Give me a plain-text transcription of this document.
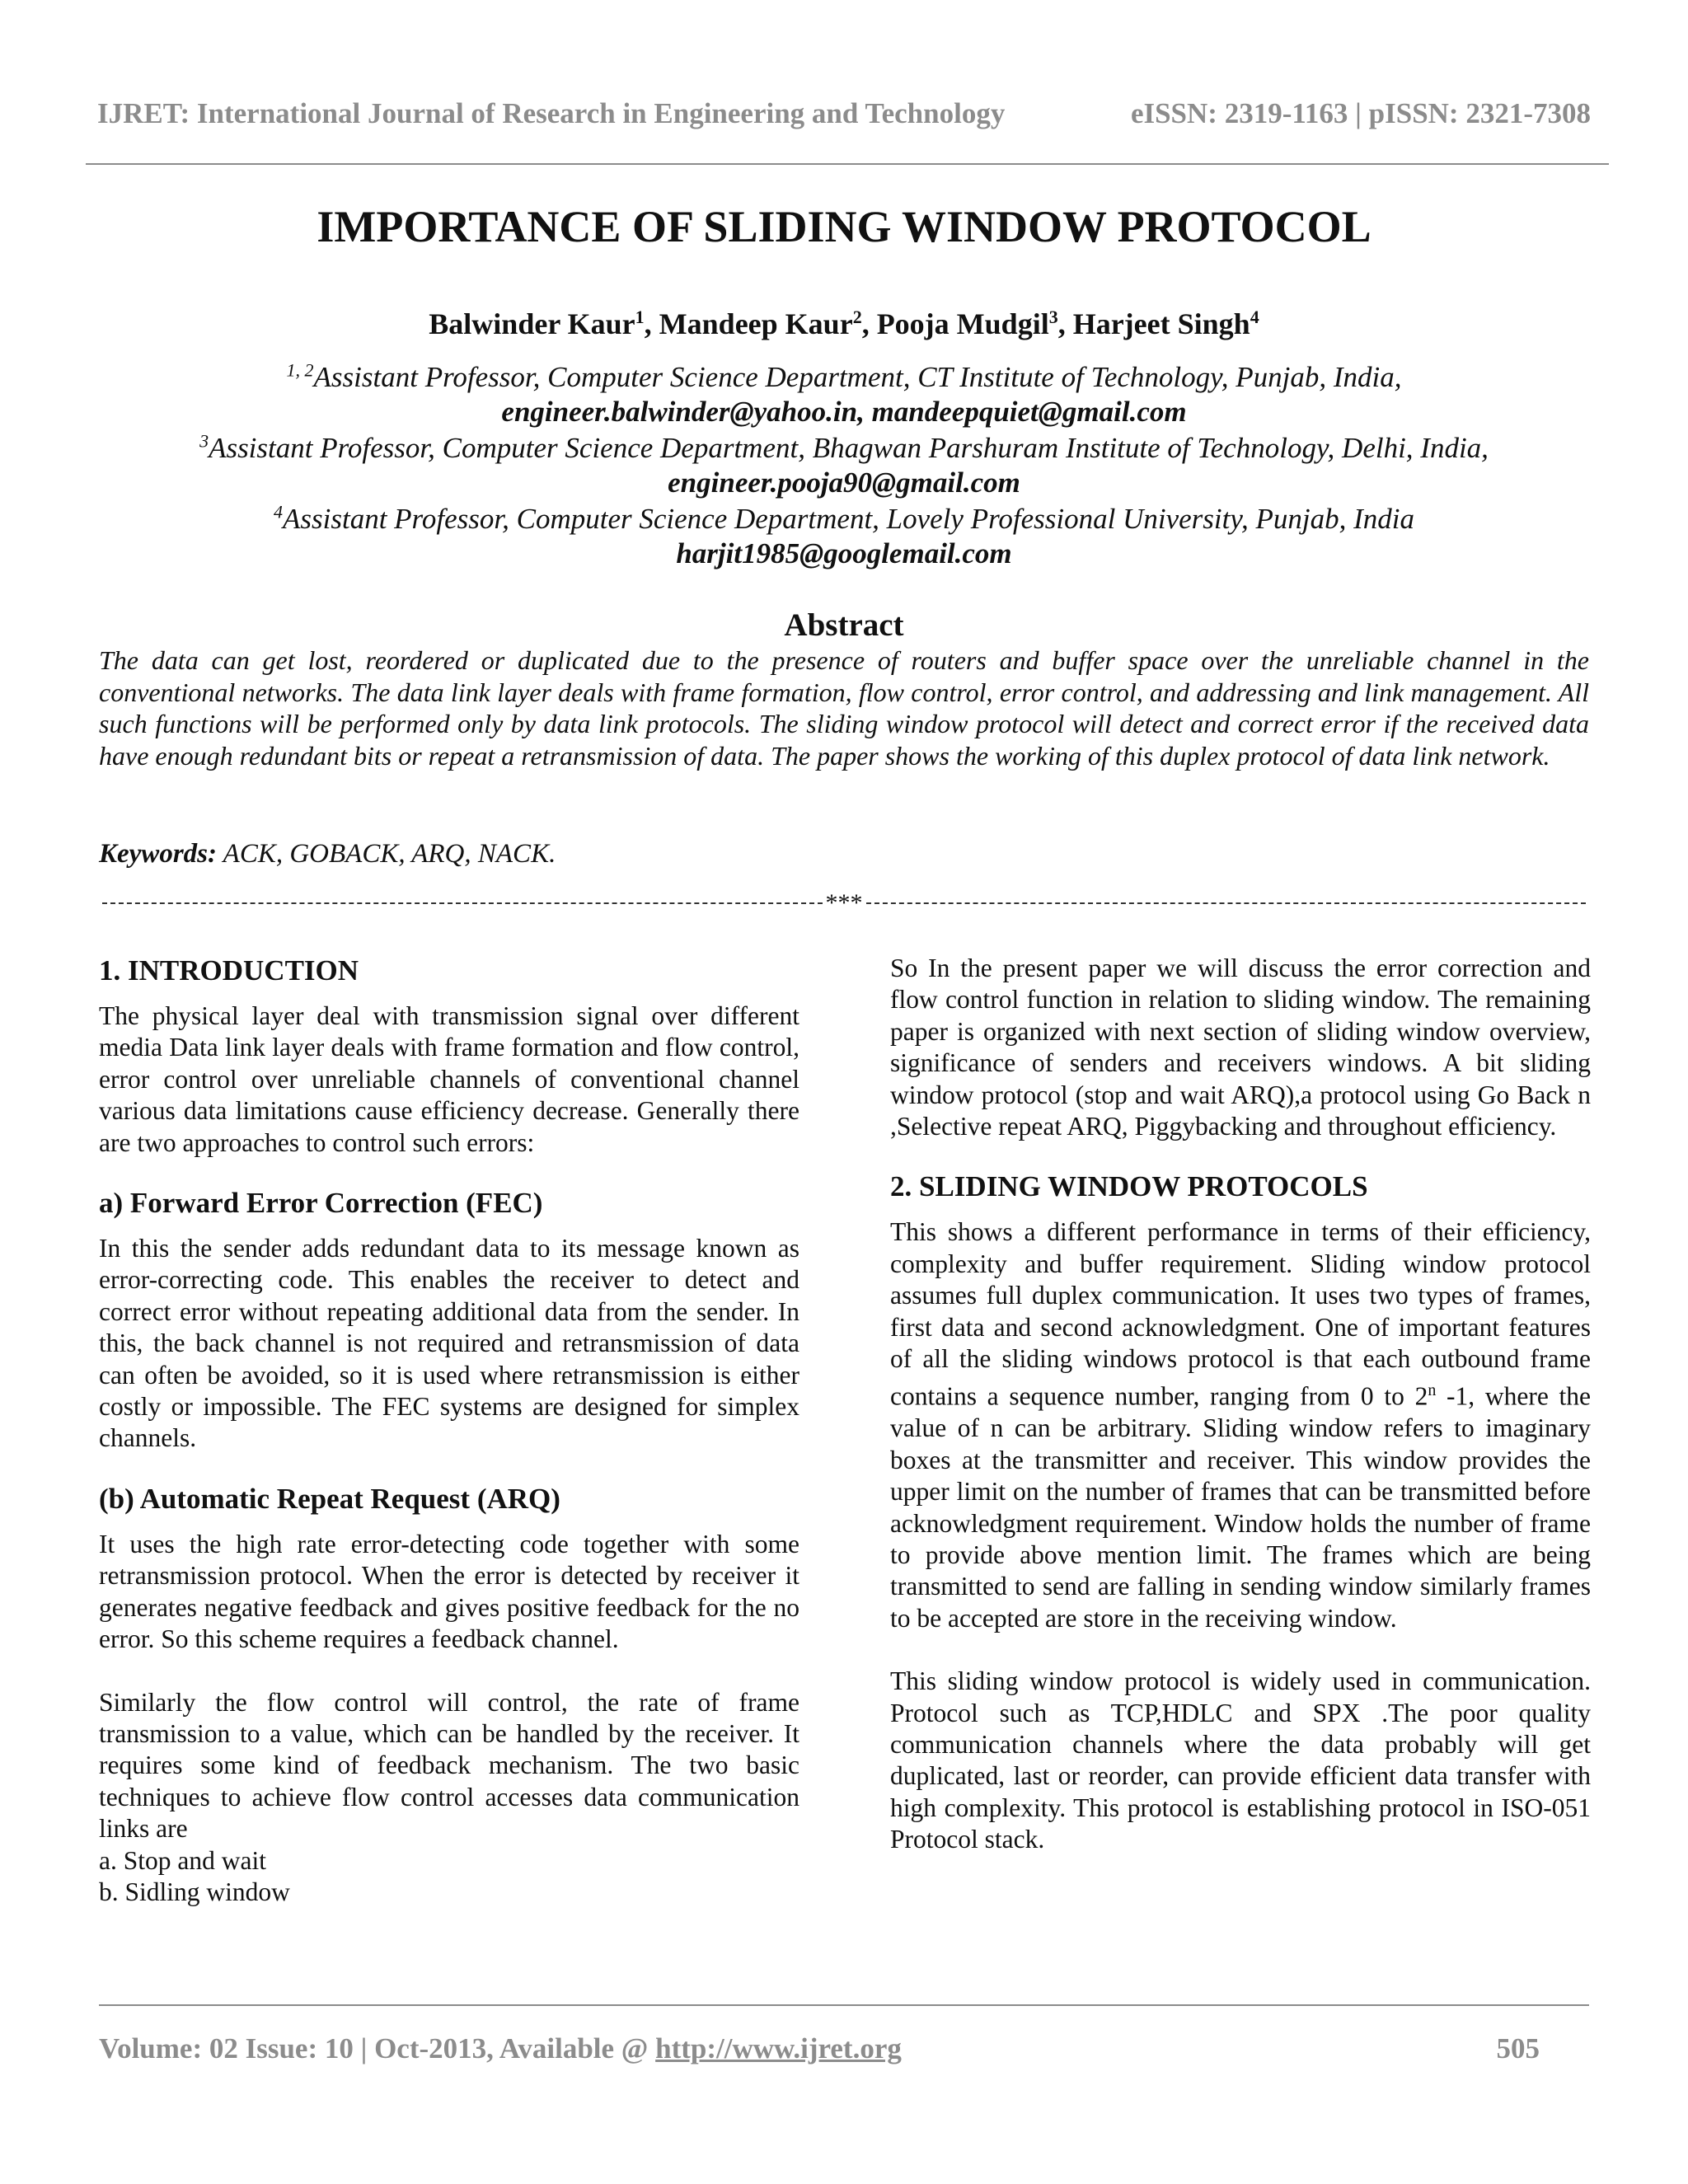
IJRET: International Journal of Research in Engineering and Technology	eISSN: 2319-1163 | pISSN: 2321-7308
IMPORTANCE OF SLIDING WINDOW PROTOCOL
Balwinder Kaur$^1$, Mandeep Kaur$^2$, Pooja Mudgil$^3$, Harjeet Singh$^4$
$^{1, 2}$Assistant Professor, Computer Science Department, CT Institute of Technology, Punjab, India,
engineer.balwinder@yahoo.in, mandeepquiet@gmail.com
$^3$Assistant Professor, Computer Science Department, Bhagwan Parshuram Institute of Technology, Delhi, India,
engineer.pooja90@gmail.com
$^4$Assistant Professor, Computer Science Department, Lovely Professional University, Punjab, India
harjit1985@googlemail.com
Abstract
The data can get lost, reordered or duplicated due to the presence of routers and buffer space over the unreliable channel in the conventional networks. The data link layer deals with frame formation, flow control, error control, and addressing and link management. All such functions will be performed only by data link protocols. The sliding window protocol will detect and correct error if the received data have enough redundant bits or repeat a retransmission of data. The paper shows the working of this duplex protocol of data link network.
Keywords: ACK, GOBACK, ARQ, NACK.
***
1. INTRODUCTION

The physical layer deal with transmission signal over different media Data link layer deals with frame formation and flow control, error control over unreliable channels of conventional channel various data limitations cause efficiency decrease. Generally there are two approaches to control such errors:

a) Forward Error Correction (FEC)

In this the sender adds redundant data to its message known as error-correcting code. This enables the receiver to detect and correct error without repeating additional data from the sender. In this, the back channel is not required and retransmission of data can often be avoided, so it is used where retransmission is either costly or impossible. The FEC systems are designed for simplex channels.

(b) Automatic Repeat Request (ARQ)

It uses the high rate error-detecting code together with some retransmission protocol. When the error is detected by receiver it generates negative feedback and gives positive feedback for the no error. So this scheme requires a feedback channel.

Similarly the flow control will control, the rate of frame transmission to a value, which can be handled by the receiver. It requires some kind of feedback mechanism. The two basic techniques to achieve flow control accesses data communication links are

a. Stop and wait

b. Sidling window

So In the present paper we will discuss the error correction and flow control function in relation to sliding window. The remaining paper is organized with next section of sliding window overview, significance of senders and receivers windows. A bit sliding window protocol (stop and wait ARQ),a protocol using Go Back n ,Selective repeat ARQ, Piggybacking and throughout efficiency.

2. SLIDING WINDOW PROTOCOLS

This shows a different performance in terms of their efficiency, complexity and buffer requirement. Sliding window protocol assumes full duplex communication. It uses two types of frames, first data and second acknowledgment. One of important features of all the sliding windows protocol is that each outbound frame contains a sequence number, ranging from 0 to 2$^n$ -1, where the value of n can be arbitrary. Sliding window refers to imaginary boxes at the transmitter and receiver. This window provides the upper limit on the number of frames that can be transmitted before acknowledgment requirement. Window holds the number of frame to provide above mention limit. The frames which are being transmitted to send are falling in sending window similarly frames to be accepted are store in the receiving window.

This sliding window protocol is widely used in communication. Protocol such as TCP,HDLC and SPX .The poor quality communication channels where the data probably will get duplicated, last or reorder, can provide efficient data transfer with high complexity. This protocol is establishing protocol in ISO-051 Protocol stack.

Volume: 02 Issue: 10 | Oct-2013, Available @ http://www.ijret.org	505
